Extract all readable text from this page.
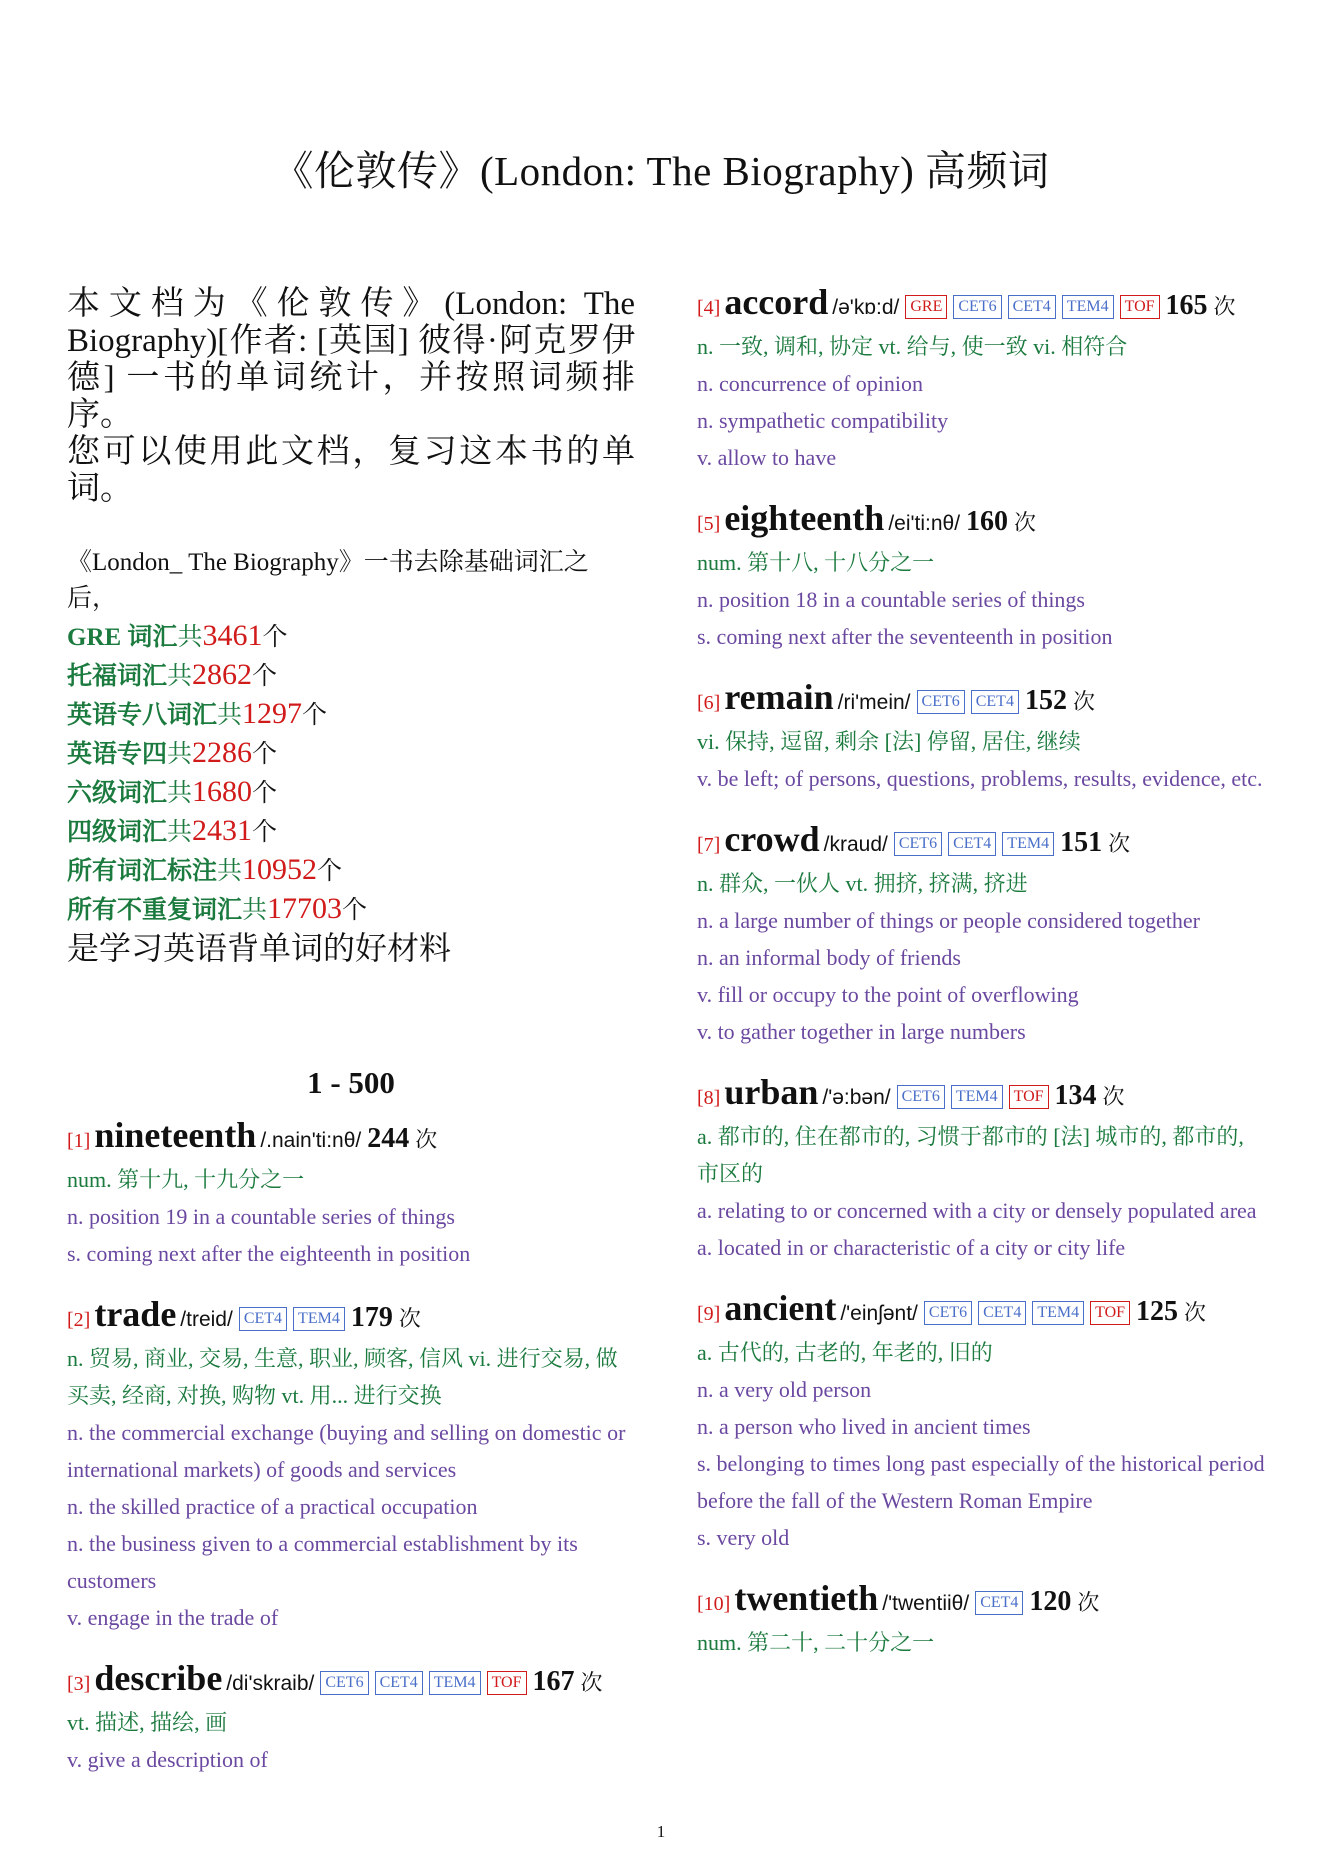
《伦敦传》(London: The Biography) 高频词

本文档为《伦敦传》(London: The Biography)[作者: [英国] 彼得·阿克罗伊德] 一书的单词统计，并按照词频排序。

您可以使用此文档，复习这本书的单词。

《London_ The Biography》一书去除基础词汇之后，
GRE 词汇共3461个
托福词汇共2862个
英语专八词汇共1297个
英语专四共2286个
六级词汇共1680个
四级词汇共2431个
所有词汇标注共10952个
所有不重复词汇共17703个
是学习英语背单词的好材料
1 - 500
[1] nineteenth /.nain'ti:nθ/ 244 次
num. 第十九, 十九分之一
n. position 19 in a countable series of things
s. coming next after the eighteenth in position
[2] trade /treid/ CET4 TEM4 179 次
n. 贸易, 商业, 交易, 生意, 职业, 顾客, 信风 vi. 进行交易, 做买卖, 经商, 对换, 购物 vt. 用... 进行交换
n. the commercial exchange (buying and selling on domestic or international markets) of goods and services
n. the skilled practice of a practical occupation
n. the business given to a commercial establishment by its customers
v. engage in the trade of
[3] describe /di'skraib/ CET6 CET4 TEM4 TOF 167 次
vt. 描述, 描绘, 画
v. give a description of
[4] accord /ə'kɒ:d/ GRE CET6 CET4 TEM4 TOF 165 次
n. 一致, 调和, 协定 vt. 给与, 使一致 vi. 相符合
n. concurrence of opinion
n. sympathetic compatibility
v. allow to have
[5] eighteenth /ei'ti:nθ/ 160 次
num. 第十八, 十八分之一
n. position 18 in a countable series of things
s. coming next after the seventeenth in position
[6] remain /ri'mein/ CET6 CET4 152 次
vi. 保持, 逗留, 剩余 [法] 停留, 居住, 继续
v. be left; of persons, questions, problems, results, evidence, etc.
[7] crowd /kraud/ CET6 CET4 TEM4 151 次
n. 群众, 一伙人 vt. 拥挤, 挤满, 挤进
n. a large number of things or people considered together
n. an informal body of friends
v. fill or occupy to the point of overflowing
v. to gather together in large numbers
[8] urban /'ə:bən/ CET6 TEM4 TOF 134 次
a. 都市的, 住在都市的, 习惯于都市的 [法] 城市的, 都市的, 市区的
a. relating to or concerned with a city or densely populated area
a. located in or characteristic of a city or city life
[9] ancient /'einʃənt/ CET6 CET4 TEM4 TOF 125 次
a. 古代的, 古老的, 年老的, 旧的
n. a very old person
n. a person who lived in ancient times
s. belonging to times long past especially of the historical period before the fall of the Western Roman Empire
s. very old
[10] twentieth /'twentiiθ/ CET4 120 次
num. 第二十, 二十分之一
1
